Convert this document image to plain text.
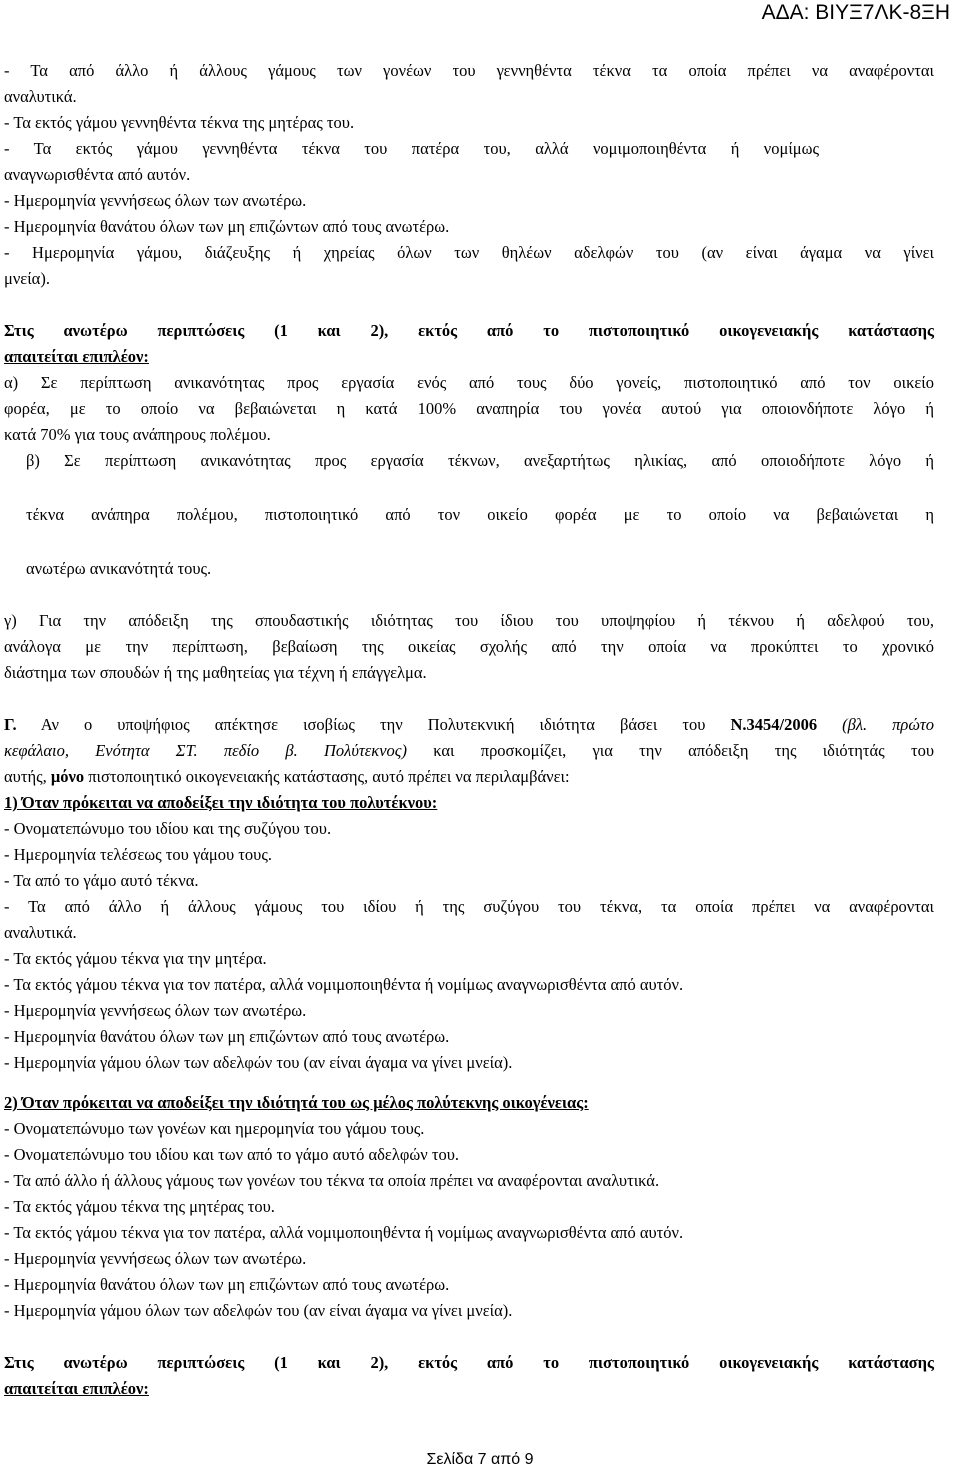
ΑΔΑ: ΒΙΥΞ7ΛΚ-8ΞΗ
- Τα από άλλο ή άλλους γάμους των γονέων του γεννηθέντα τέκνα τα οποία πρέπει να αναφέρονται
αναλυτικά.
- Τα εκτός γάμου γεννηθέντα τέκνα της μητέρας του.
- Τα εκτός γάμου γεννηθέντα τέκνα του πατέρα του, αλλά νομιμοποιηθέντα ή νομίμως
αναγνωρισθέντα από αυτόν.
- Ημερομηνία γεννήσεως όλων των ανωτέρω.
- Ημερομηνία θανάτου όλων των μη επιζώντων από τους ανωτέρω.
- Ημερομηνία γάμου, διάζευξης ή χηρείας όλων των θηλέων αδελφών του (αν είναι άγαμα να γίνει
μνεία).
Στις ανωτέρω περιπτώσεις (1 και 2), εκτός από το πιστοποιητικό οικογενειακής κατάστασης
απαιτείται επιπλέον:
α) Σε περίπτωση ανικανότητας προς εργασία ενός από τους δύο γονείς, πιστοποιητικό από τον οικείο
φορέα, με το οποίο να βεβαιώνεται η κατά 100% αναπηρία του γονέα αυτού για οποιονδήποτε λόγο ή
κατά 70% για τους ανάπηρους πολέμου.
β) Σε περίπτωση ανικανότητας προς εργασία τέκνων, ανεξαρτήτως ηλικίας, από οποιοδήποτε λόγο ή
τέκνα ανάπηρα πολέμου, πιστοποιητικό από τον οικείο φορέα με το οποίο να βεβαιώνεται η
ανωτέρω ανικανότητά τους.
γ) Για την απόδειξη της σπουδαστικής ιδιότητας του ίδιου του υποψηφίου ή τέκνου ή αδελφού του,
ανάλογα με την περίπτωση, βεβαίωση της οικείας σχολής από την οποία να προκύπτει το χρονικό
διάστημα των σπουδών ή της μαθητείας για τέχνη ή επάγγελμα.
Γ. Αν ο υποψήφιος απέκτησε ισοβίως την Πολυτεκνική ιδιότητα βάσει του Ν.3454/2006 (βλ. πρώτο
κεφάλαιο, Ενότητα ΣΤ. πεδίο β. Πολύτεκνος) και προσκομίζει, για την απόδειξη της ιδιότητάς του
αυτής, μόνο πιστοποιητικό οικογενειακής κατάστασης, αυτό πρέπει να περιλαμβάνει:
1) Όταν πρόκειται να αποδείξει την ιδιότητα του πολυτέκνου:
- Ονοματεπώνυμο του ιδίου και της συζύγου του.
- Ημερομηνία τελέσεως του γάμου τους.
- Τα από το γάμο αυτό τέκνα.
- Τα από άλλο ή άλλους γάμους του ιδίου ή της συζύγου του τέκνα, τα οποία πρέπει να αναφέρονται
αναλυτικά.
- Τα εκτός γάμου τέκνα για την μητέρα.
- Τα εκτός γάμου τέκνα για τον πατέρα, αλλά νομιμοποιηθέντα ή νομίμως αναγνωρισθέντα από αυτόν.
- Ημερομηνία γεννήσεως όλων των ανωτέρω.
- Ημερομηνία θανάτου όλων των μη επιζώντων από τους ανωτέρω.
- Ημερομηνία γάμου όλων των αδελφών του (αν είναι άγαμα να γίνει μνεία).
2) Όταν πρόκειται να αποδείξει την ιδιότητά του ως μέλος πολύτεκνης οικογένειας:
- Ονοματεπώνυμο των γονέων και ημερομηνία του γάμου τους.
- Ονοματεπώνυμο του ιδίου και των από το γάμο αυτό αδελφών του.
- Τα από άλλο ή άλλους γάμους των γονέων του τέκνα τα οποία πρέπει να αναφέρονται αναλυτικά.
- Τα εκτός γάμου τέκνα της μητέρας του.
- Τα εκτός γάμου τέκνα για τον πατέρα, αλλά νομιμοποιηθέντα ή νομίμως αναγνωρισθέντα από αυτόν.
- Ημερομηνία γεννήσεως όλων των ανωτέρω.
- Ημερομηνία θανάτου όλων των μη επιζώντων από τους ανωτέρω.
- Ημερομηνία γάμου όλων των αδελφών του (αν είναι άγαμα να γίνει μνεία).
Στις ανωτέρω περιπτώσεις (1 και 2), εκτός από το πιστοποιητικό οικογενειακής κατάστασης
απαιτείται επιπλέον:
Σελίδα 7 από 9
